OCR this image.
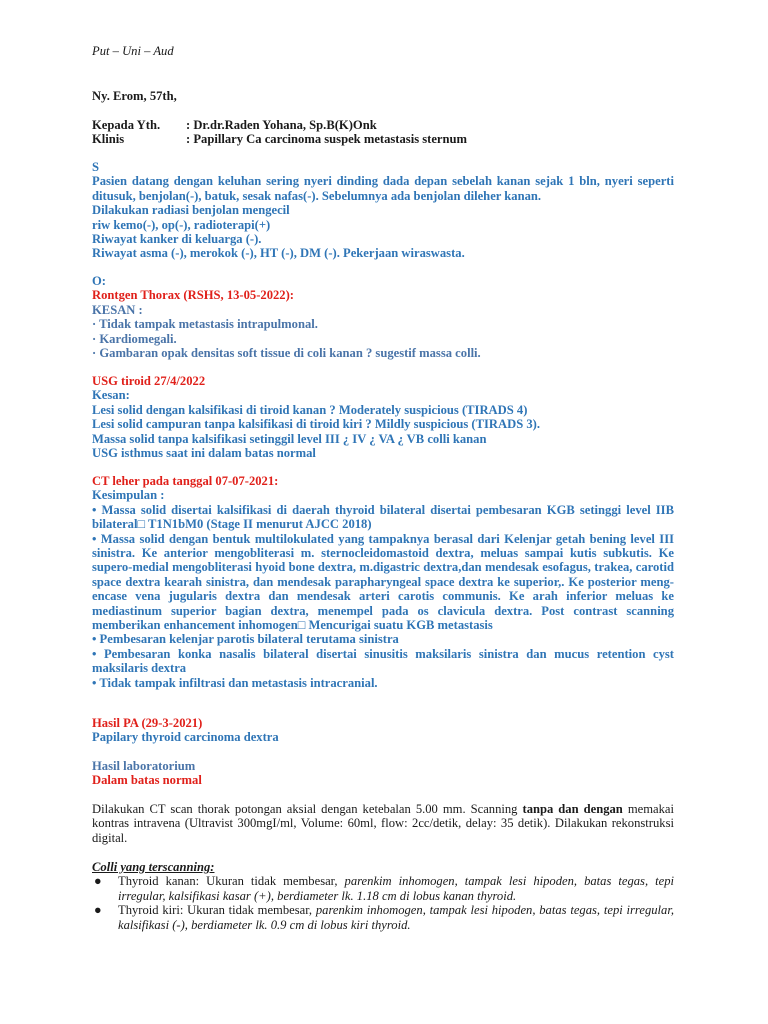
Put – Uni – Aud
Ny. Erom, 57th,
Kepada Yth.	: Dr.dr.Raden Yohana, Sp.B(K)Onk
Klinis	: Papillary Ca carcinoma suspek metastasis sternum

S

Pasien datang dengan keluhan sering nyeri dinding dada depan sebelah kanan sejak 1 bln, nyeri seperti ditusuk, benjolan(-), batuk, sesak nafas(-). Sebelumnya ada benjolan dileher kanan.

Dilakukan radiasi benjolan mengecil

riw kemo(-), op(-), radioterapi(+)

Riwayat kanker di keluarga (-).

Riwayat asma (-), merokok (-), HT (-), DM (-). Pekerjaan wiraswasta.

O:

Rontgen Thorax (RSHS, 13-05-2022):

KESAN :

· Tidak tampak metastasis intrapulmonal.

· Kardiomegali.

· Gambaran opak densitas soft tissue di coli kanan ? sugestif massa colli.

USG tiroid 27/4/2022

Kesan:

Lesi solid dengan kalsifikasi di tiroid kanan ? Moderately suspicious (TIRADS 4)

Lesi solid campuran tanpa kalsifikasi di tiroid kiri ? Mildly suspicious (TIRADS 3).

Massa solid tanpa kalsifikasi setinggil level III ¿ IV ¿ VA ¿ VB colli kanan

USG isthmus saat ini dalam batas normal

CT leher pada tanggal 07-07-2021:

Kesimpulan :

• Massa solid disertai kalsifikasi di daerah thyroid bilateral disertai pembesaran KGB setinggi level IIB bilateral□ T1N1bM0 (Stage II menurut AJCC 2018)

• Massa solid dengan bentuk multilokulated yang tampaknya berasal dari Kelenjar getah bening level III sinistra. Ke anterior mengobliterasi m. sternocleidomastoid dextra, meluas sampai kutis subkutis. Ke supero-medial mengobliterasi hyoid bone dextra, m.digastric dextra,dan mendesak esofagus, trakea, carotid space dextra kearah sinistra, dan mendesak parapharyngeal space dextra ke superior,. Ke posterior meng-encase vena jugularis dextra dan mendesak arteri carotis communis. Ke arah inferior meluas ke mediastinum superior bagian dextra, menempel pada os clavicula dextra. Post contrast scanning memberikan enhancement inhomogen□ Mencurigai suatu KGB metastasis

• Pembesaran kelenjar parotis bilateral terutama sinistra

• Pembesaran konka nasalis bilateral disertai sinusitis maksilaris sinistra dan mucus retention cyst maksilaris dextra

• Tidak tampak infiltrasi dan metastasis intracranial.

Hasil PA (29-3-2021)

Papilary thyroid carcinoma dextra

Hasil laboratorium

Dalam batas normal

Dilakukan CT scan thorak potongan aksial dengan ketebalan 5.00 mm. Scanning tanpa dan dengan memakai kontras intravena (Ultravist 300mgI/ml, Volume: 60ml, flow: 2cc/detik, delay: 35 detik). Dilakukan rekonstruksi digital.

Colli yang terscanning:

● Thyroid kanan: Ukuran tidak membesar, parenkim inhomogen, tampak lesi hipoden, batas tegas, tepi irregular, kalsifikasi kasar (+), berdiameter lk. 1.18 cm di lobus kanan thyroid.
● Thyroid kiri: Ukuran tidak membesar, parenkim inhomogen, tampak lesi hipoden, batas tegas, tepi irregular, kalsifikasi (-), berdiameter lk. 0.9 cm di lobus kiri thyroid.
